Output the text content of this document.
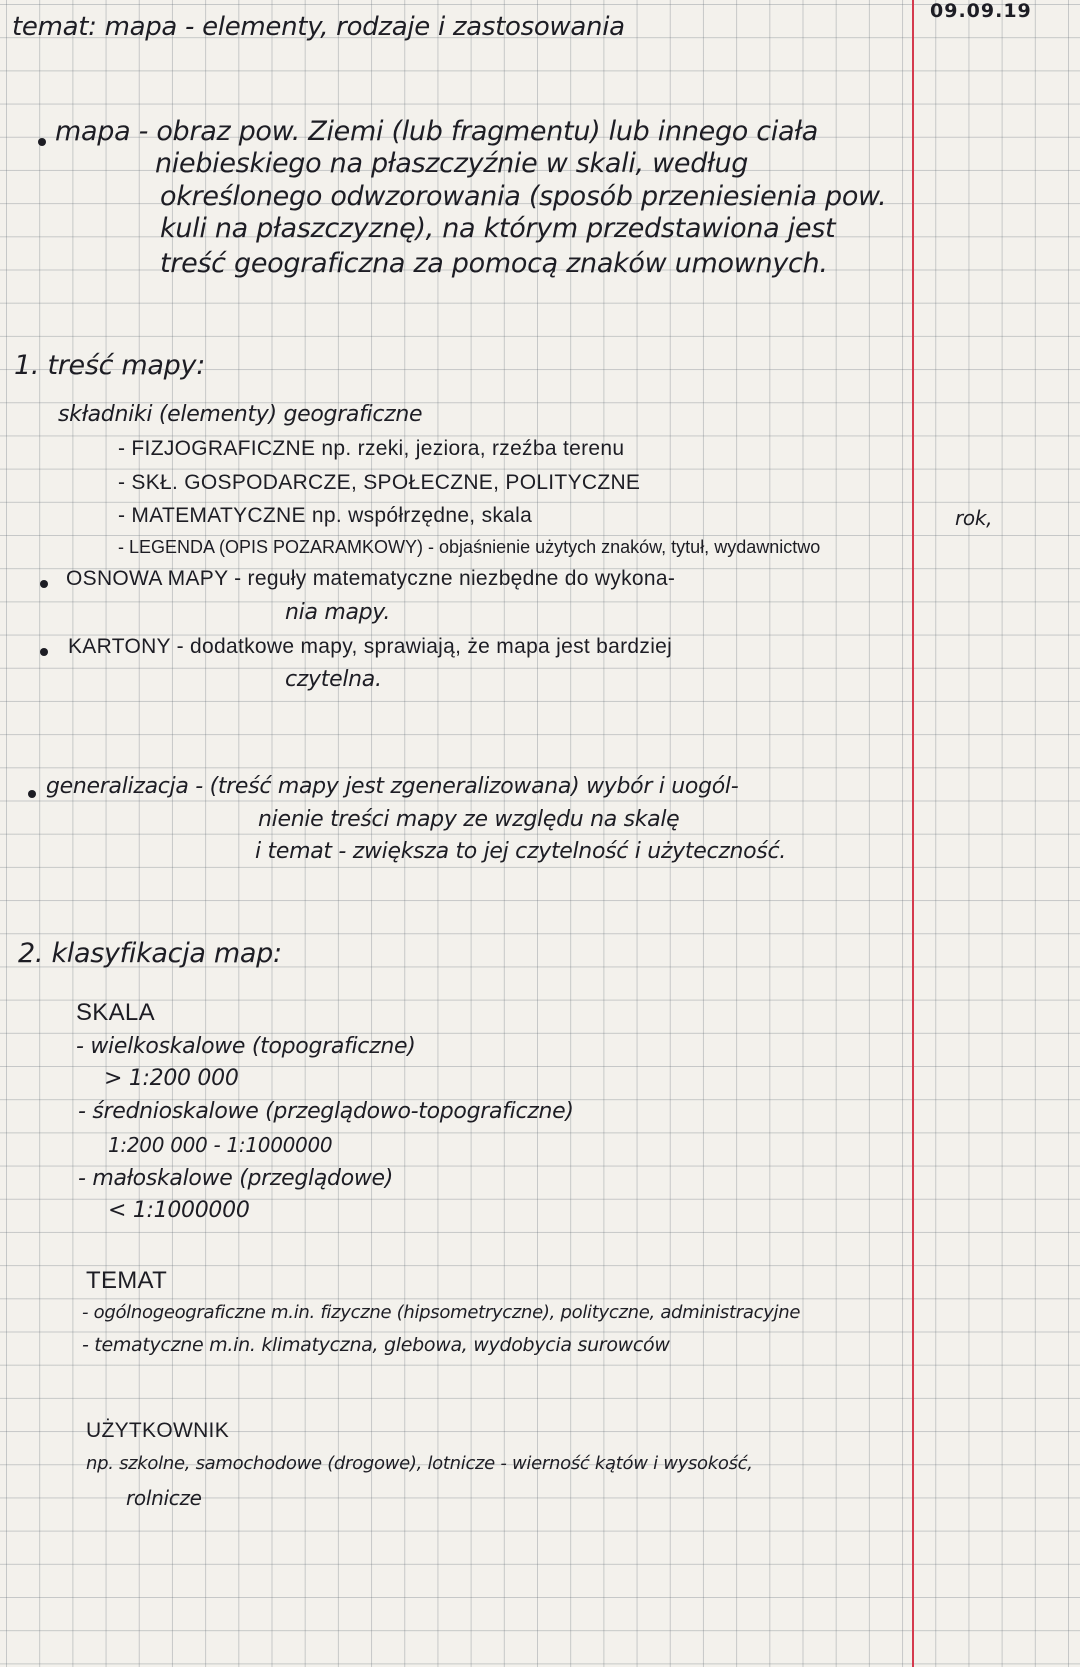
temat: mapa - elementy, rodzaje i zastosowania
09.09.19
mapa - obraz pow. Ziemi (lub fragmentu) lub innego ciała
niebieskiego na płaszczyźnie w skali, według
określonego odwzorowania (sposób przeniesienia pow.
kuli na płaszczyznę), na którym przedstawiona jest
treść geograficzna za pomocą znaków umownych.
1. treść mapy:
składniki (elementy) geograficzne
- FIZJOGRAFICZNE np. rzeki, jeziora, rzeźba terenu
- SKŁ. GOSPODARCZE, SPOŁECZNE, POLITYCZNE
- MATEMATYCZNE np. współrzędne, skala
- LEGENDA (OPIS POZARAMKOWY) - objaśnienie użytych znaków, tytuł, wydawnictwo
rok,
OSNOWA MAPY - reguły matematyczne niezbędne do wykona-
nia mapy.
KARTONY - dodatkowe mapy, sprawiają, że mapa jest bardziej
czytelna.
generalizacja - (treść mapy jest zgeneralizowana) wybór i uogól-
nienie treści mapy ze względu na skalę
i temat - zwiększa to jej czytelność i użyteczność.
2. klasyfikacja map:
SKALA
- wielkoskalowe (topograficzne)
> 1:200 000
- średnioskalowe (przeglądowo-topograficzne)
1:200 000 - 1:1000000
- małoskalowe (przeglądowe)
< 1:1000000
TEMAT
- ogólnogeograficzne m.in. fizyczne (hipsometryczne), polityczne, administracyjne
- tematyczne m.in. klimatyczna, glebowa, wydobycia surowców
UŻYTKOWNIK
np. szkolne, samochodowe (drogowe), lotnicze - wierność kątów i wysokość,
rolnicze
